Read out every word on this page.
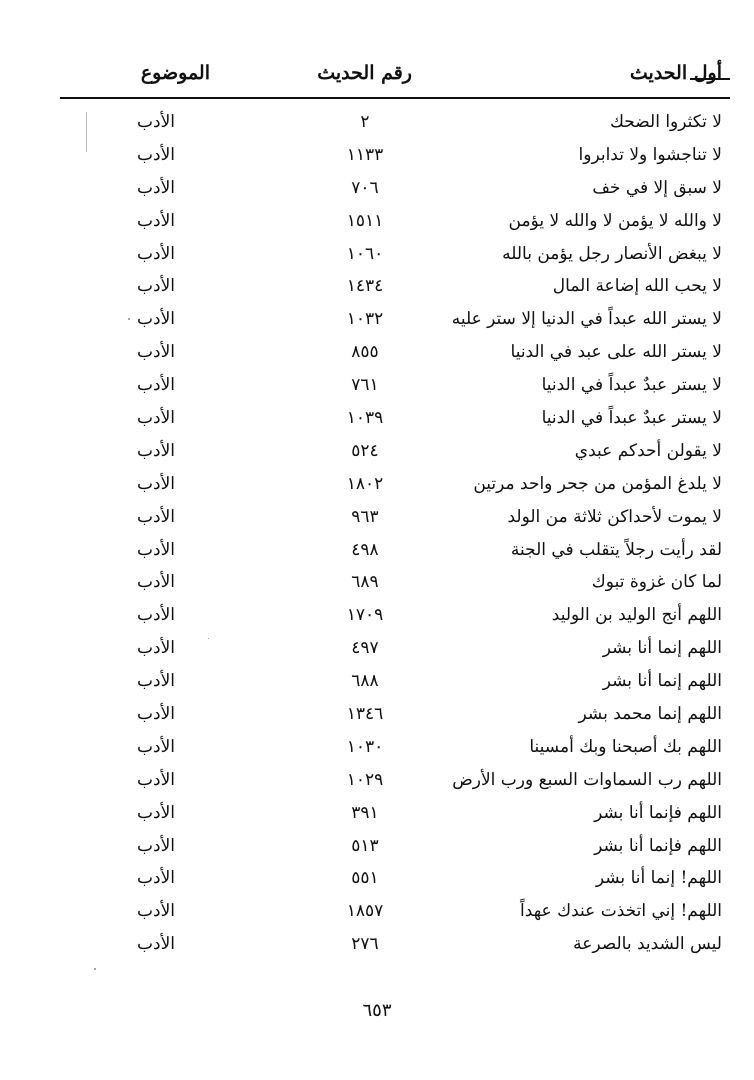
أول الحديث
رقم الحديث
الموضوع
لا تكثروا الضحك
٢
الأدب
لا تناجشوا ولا تدابروا
١١٣٣
الأدب
لا سبق إلا في خف
٧٠٦
الأدب
لا والله لا يؤمن لا والله لا يؤمن
١٥١١
الأدب
لا يبغض الأنصار رجل يؤمن بالله
١٠٦٠
الأدب
لا يحب الله إضاعة المال
١٤٣٤
الأدب
لا يستر الله عبداً في الدنيا إلا ستر عليه
١٠٣٢
الأدب
لا يستر الله على عبد في الدنيا
٨٥٥
الأدب
لا يستر عبدٌ عبداً في الدنيا
٧٦١
الأدب
لا يستر عبدٌ عبداً في الدنيا
١٠٣٩
الأدب
لا يقولن أحدكم عبدي
٥٢٤
الأدب
لا يلدغ المؤمن من جحر واحد مرتين
١٨٠٢
الأدب
لا يموت لأحداكن ثلاثة من الولد
٩٦٣
الأدب
لقد رأيت رجلاً يتقلب في الجنة
٤٩٨
الأدب
لما كان غزوة تبوك
٦٨٩
الأدب
اللهم أنج الوليد بن الوليد
١٧٠٩
الأدب
اللهم إنما أنا بشر
٤٩٧
الأدب
اللهم إنما أنا بشر
٦٨٨
الأدب
اللهم إنما محمد بشر
١٣٤٦
الأدب
اللهم بك أصبحنا وبك أمسينا
١٠٣٠
الأدب
اللهم رب السماوات السبع ورب الأرض
١٠٢٩
الأدب
اللهم فإنما أنا بشر
٣٩١
الأدب
اللهم فإنما أنا بشر
٥١٣
الأدب
اللهم! إنما أنا بشر
٥٥١
الأدب
اللهم! إني اتخذت عندك عهداً
١٨٥٧
الأدب
ليس الشديد بالصرعة
٢٧٦
الأدب
٦٥٣
